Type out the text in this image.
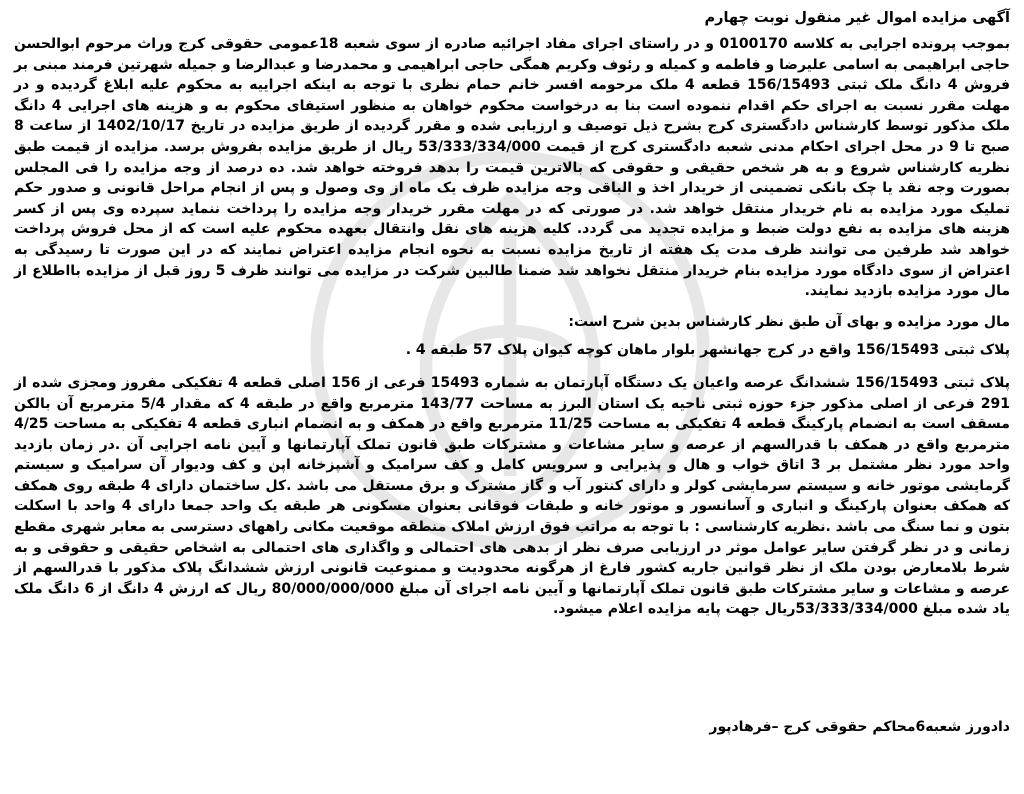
آگهی مزایده اموال غیر منقول نوبت چهارم

بموجب پرونده اجرایی به کلاسه 0100170 و در راستای اجرای مفاد اجرائیه صادره از سوی شعبه 18عمومی حقوقی کرج وراث مرحوم ابوالحسن حاجی ابراهیمی به اسامی علیرضا و فاطمه و کمیله و رئوف وکریم همگی حاجی ابراهیمی و محمدرضا و عبدالرضا و جمیله شهرتین فرمند مبنی بر فروش 4 دانگ ملک ثبتی 156/15493 قطعه 4 ملک مرحومه افسر خانم حمام نظری با توجه به اینکه اجراییه به محکوم علیه ابلاغ گردیده و در مهلت مقرر نسبت به اجرای حکم اقدام ننموده است بنا به درخواست محکوم خواهان به منظور استیفای محکوم به و هزینه های اجرایی 4 دانگ ملک مذکور توسط کارشناس دادگستری کرج بشرح ذیل توصیف و ارزیابی شده و مقرر گردیده از طریق مزایده در تاریخ 1402/10/17 از ساعت 8 صبح تا 9 در محل اجرای احکام مدنی شعبه دادگستری کرج از قیمت 53/333/334/000 ریال از طریق مزایده بفروش برسد. مزایده از قیمت طبق نظریه کارشناس شروع و به هر شخص حقیقی و حقوقی که بالاترین قیمت را بدهد فروخته خواهد شد. ده درصد از وجه مزایده را فی المجلس بصورت وجه نقد یا چک بانکی تضمینی از خریدار اخذ و الباقی وجه مزایده ظرف یک ماه از وی وصول و پس از انجام مراحل قانونی و صدور حکم تملیک مورد مزایده به نام خریدار منتقل خواهد شد. در صورتی که در مهلت مقرر خریدار وجه مزایده را پرداخت ننماید سپرده وی پس از کسر هزینه های مزایده به نفع دولت ضبط و مزایده تجدید می گردد. کلیه هزینه های نقل وانتقال بعهده محکوم علیه است که از محل فروش پرداخت خواهد شد طرفین می توانند ظرف مدت یک هفته از تاریخ مزایده نسبت به نحوه انجام مزایده اعتراض نمایند که در این صورت تا رسیدگی به اعتراض از سوی دادگاه مورد مزایده بنام خریدار منتقل نخواهد شد ضمنا طالبین شرکت در مزایده می توانند ظرف 5 روز قبل از مزایده بااطلاع از مال مورد مزایده بازدید نمایند.

مال مورد مزایده و بهای آن طبق نظر کارشناس بدین شرح است:

پلاک ثبتی 156/15493 واقع در کرج جهانشهر بلوار ماهان کوچه کیوان پلاک 57 طبقه 4 .

پلاک ثبتی 156/15493 ششدانگ عرصه واعیان یک دستگاه آپارتمان به شماره 15493 فرعی از 156 اصلی قطعه 4 تفکیکی مفروز ومجزی شده از 291 فرعی از اصلی مذکور جزء حوزه ثبتی ناحیه یک استان البرز به مساحت 143/77 مترمربع واقع در طبقه 4 که مقدار 5/4 مترمربع آن بالکن مسقف است به انضمام پارکینگ قطعه 4 تفکیکی به مساحت 11/25 مترمربع واقع در همکف و به انضمام انباری قطعه 4 تفکیکی به مساحت 4/25 مترمربع واقع در همکف با قدرالسهم از عرصه و سایر مشاعات و مشترکات طبق قانون تملک آپارتمانها و آیین نامه اجرایی آن .در زمان بازدید واحد مورد نظر مشتمل بر 3 اتاق خواب و هال و پذیرایی و سرویس کامل و کف سرامیک و آشپزخانه اپن و کف ودیوار آن سرامیک و سیستم گرمایشی موتور خانه و سیستم سرمایشی کولر و دارای کنتور آب و گاز مشترک و برق مستقل می باشد .کل ساختمان دارای 4 طبقه روی همکف که همکف بعنوان پارکینگ و انباری و آسانسور و موتور خانه و طبقات فوقانی بعنوان مسکونی هر طبقه یک واحد جمعا دارای 4 واحد با اسکلت بتون و نما سنگ می باشد .نظریه کارشناسی : با توجه به مراتب فوق ارزش املاک منطقه موقعیت مکانی راههای دسترسی به معابر شهری مقطع زمانی و در نظر گرفتن سایر عوامل موثر در ارزیابی صرف نظر از بدهی های احتمالی و واگذاری های احتمالی به اشخاص حقیقی و حقوقی و به شرط بلامعارض بودن ملک از نظر قوانین جاریه کشور فارغ از هرگونه محدودیت و ممنوعیت قانونی ارزش ششدانگ پلاک مذکور با قدرالسهم از عرصه و مشاعات و سایر مشترکات طبق قانون تملک آپارتمانها و آیین نامه اجرای آن مبلغ 80/000/000/000 ریال که ارزش 4 دانگ از 6 دانگ ملک یاد شده مبلغ 53/333/334/000ریال جهت پایه مزایده اعلام میشود.

دادورز شعبه6محاکم حقوقی کرج –فرهادپور
